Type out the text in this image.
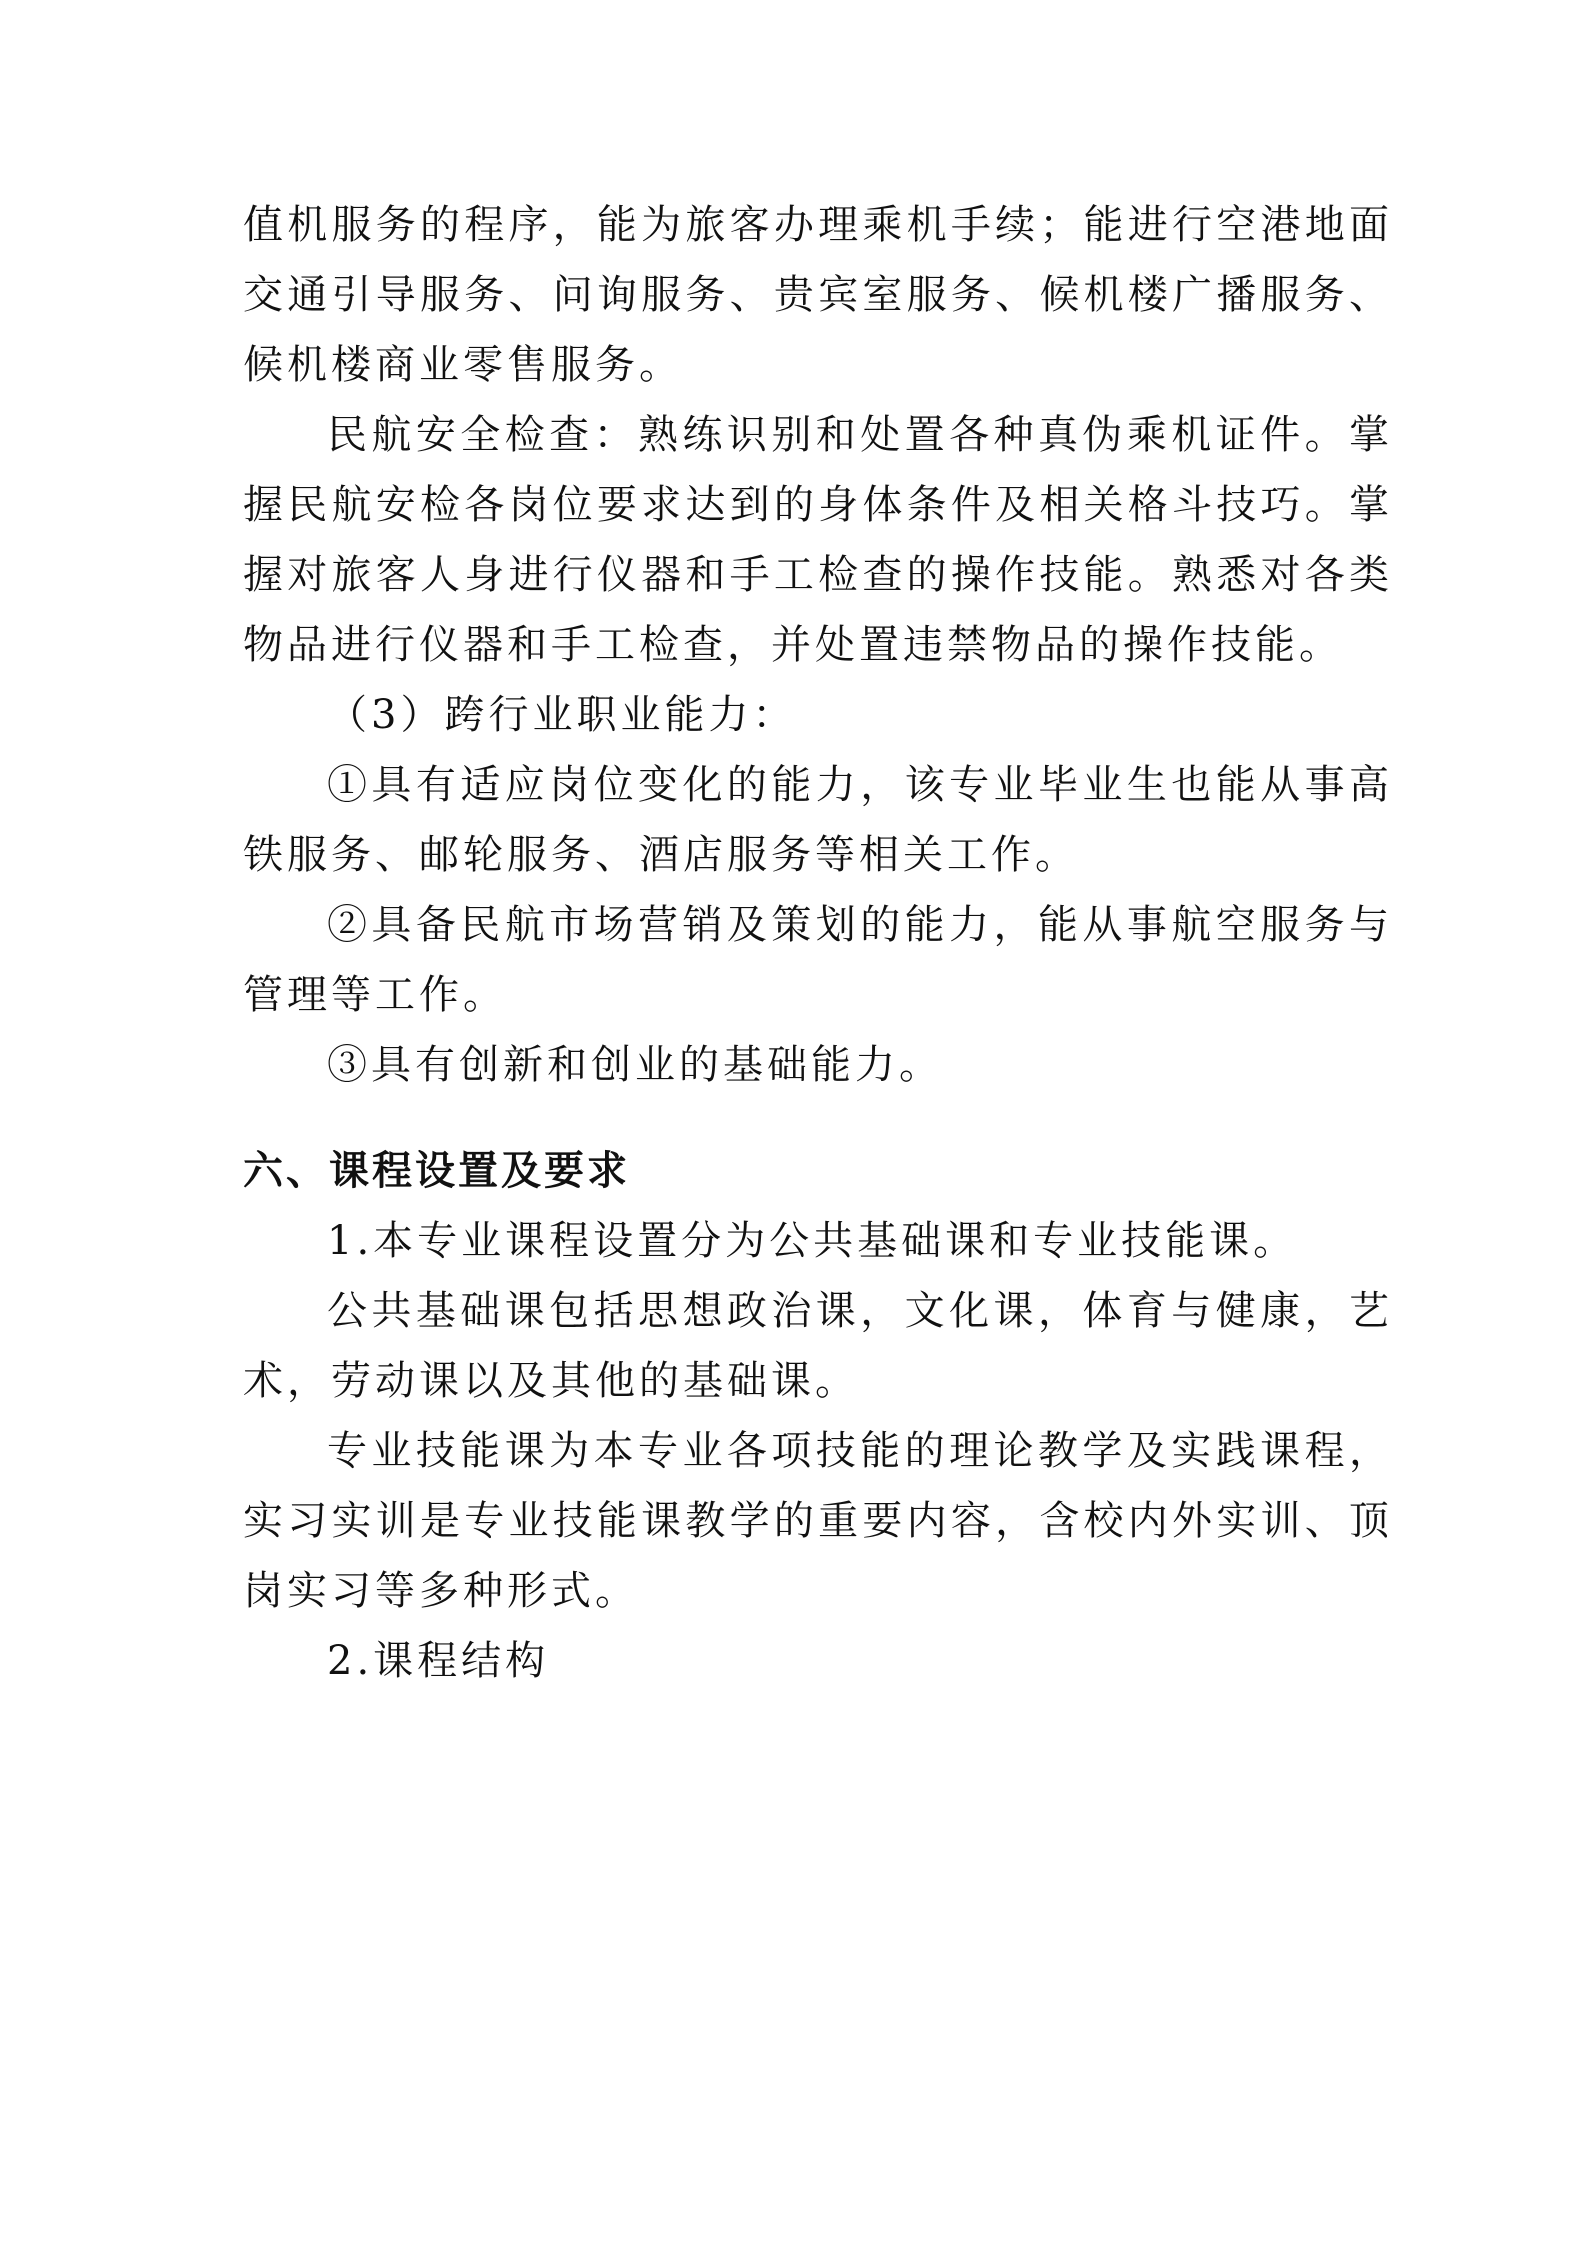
值机服务的程序，能为旅客办理乘机手续；能进行空港地面交通引导服务、问询服务、贵宾室服务、候机楼广播服务、候机楼商业零售服务。

民航安全检查：熟练识别和处置各种真伪乘机证件。掌握民航安检各岗位要求达到的身体条件及相关格斗技巧。掌握对旅客人身进行仪器和手工检查的操作技能。熟悉对各类物品进行仪器和手工检查，并处置违禁物品的操作技能。

（3）跨行业职业能力：

①具有适应岗位变化的能力，该专业毕业生也能从事高铁服务、邮轮服务、酒店服务等相关工作。

②具备民航市场营销及策划的能力，能从事航空服务与管理等工作。

③具有创新和创业的基础能力。

六、课程设置及要求

1.本专业课程设置分为公共基础课和专业技能课。

公共基础课包括思想政治课，文化课，体育与健康，艺术，劳动课以及其他的基础课。

专业技能课为本专业各项技能的理论教学及实践课程，实习实训是专业技能课教学的重要内容，含校内外实训、顶岗实习等多种形式。

2.课程结构
